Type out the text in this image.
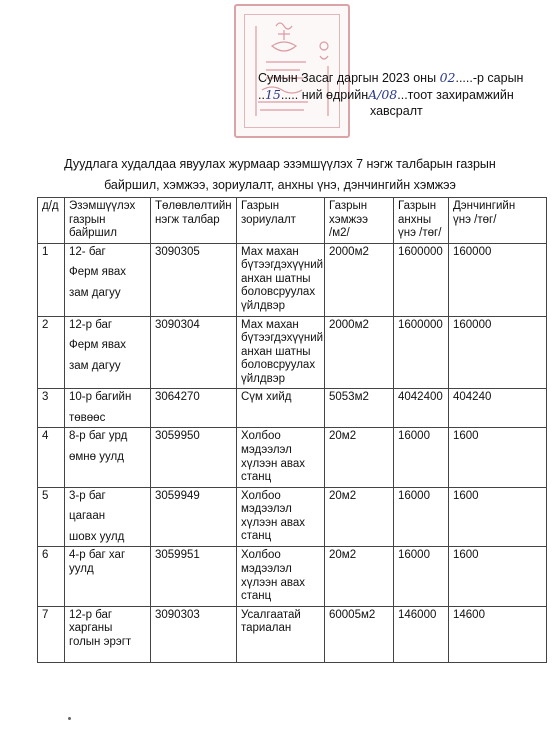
Сумын Засаг даргын 2023 оны 02.....-р сарын
..15..... ний өдрийнA/08...тоот захирамжийн
хавсралт
Дуудлага худалдаа явуулах журмаар эзэмшүүлэх 7 нэгж талбарын газрын
байршил, хэмжээ, зориулалт, анхны үнэ, дэнчингийн хэмжээ
д/д	Эзэмшүүлэх
газрын
байршил	Төлөвлөлтийн
нэгж талбар	Газрын
зориулалт	Газрын
хэмжээ
/м2/	Газрын
анхны
үнэ /төг/	Дэнчингийн
үнэ /төг/

1	12- баг
Ферм явах
зам дагуу	3090305	Мах махан
бүтээгдэхүүний
анхан шатны
боловсруулах
үйлдвэр	2000м2	1600000	160000
2	12-р баг
Ферм явах
зам дагуу	3090304	Мах махан
бүтээгдэхүүний
анхан шатны
боловсруулах
үйлдвэр	2000м2	1600000	160000
3	10-р багийн
төвөөс	3064270	Сүм хийд	5053м2	4042400	404240
4	8-р баг урд
өмнө уулд	3059950	Холбоо
мэдээлэл
хүлээн авах
станц	20м2	16000	1600
5	3-р баг
цагаан
шовх уулд	3059949	Холбоо
мэдээлэл
хүлээн авах
станц	20м2	16000	1600
6	4-р баг хаг
уулд	3059951	Холбоо
мэдээлэл
хүлээн авах
станц	20м2	16000	1600
7	12-р баг
харганы
голын эрэгт	3090303	Усалгаатай
тариалан	60005м2	146000	14600
